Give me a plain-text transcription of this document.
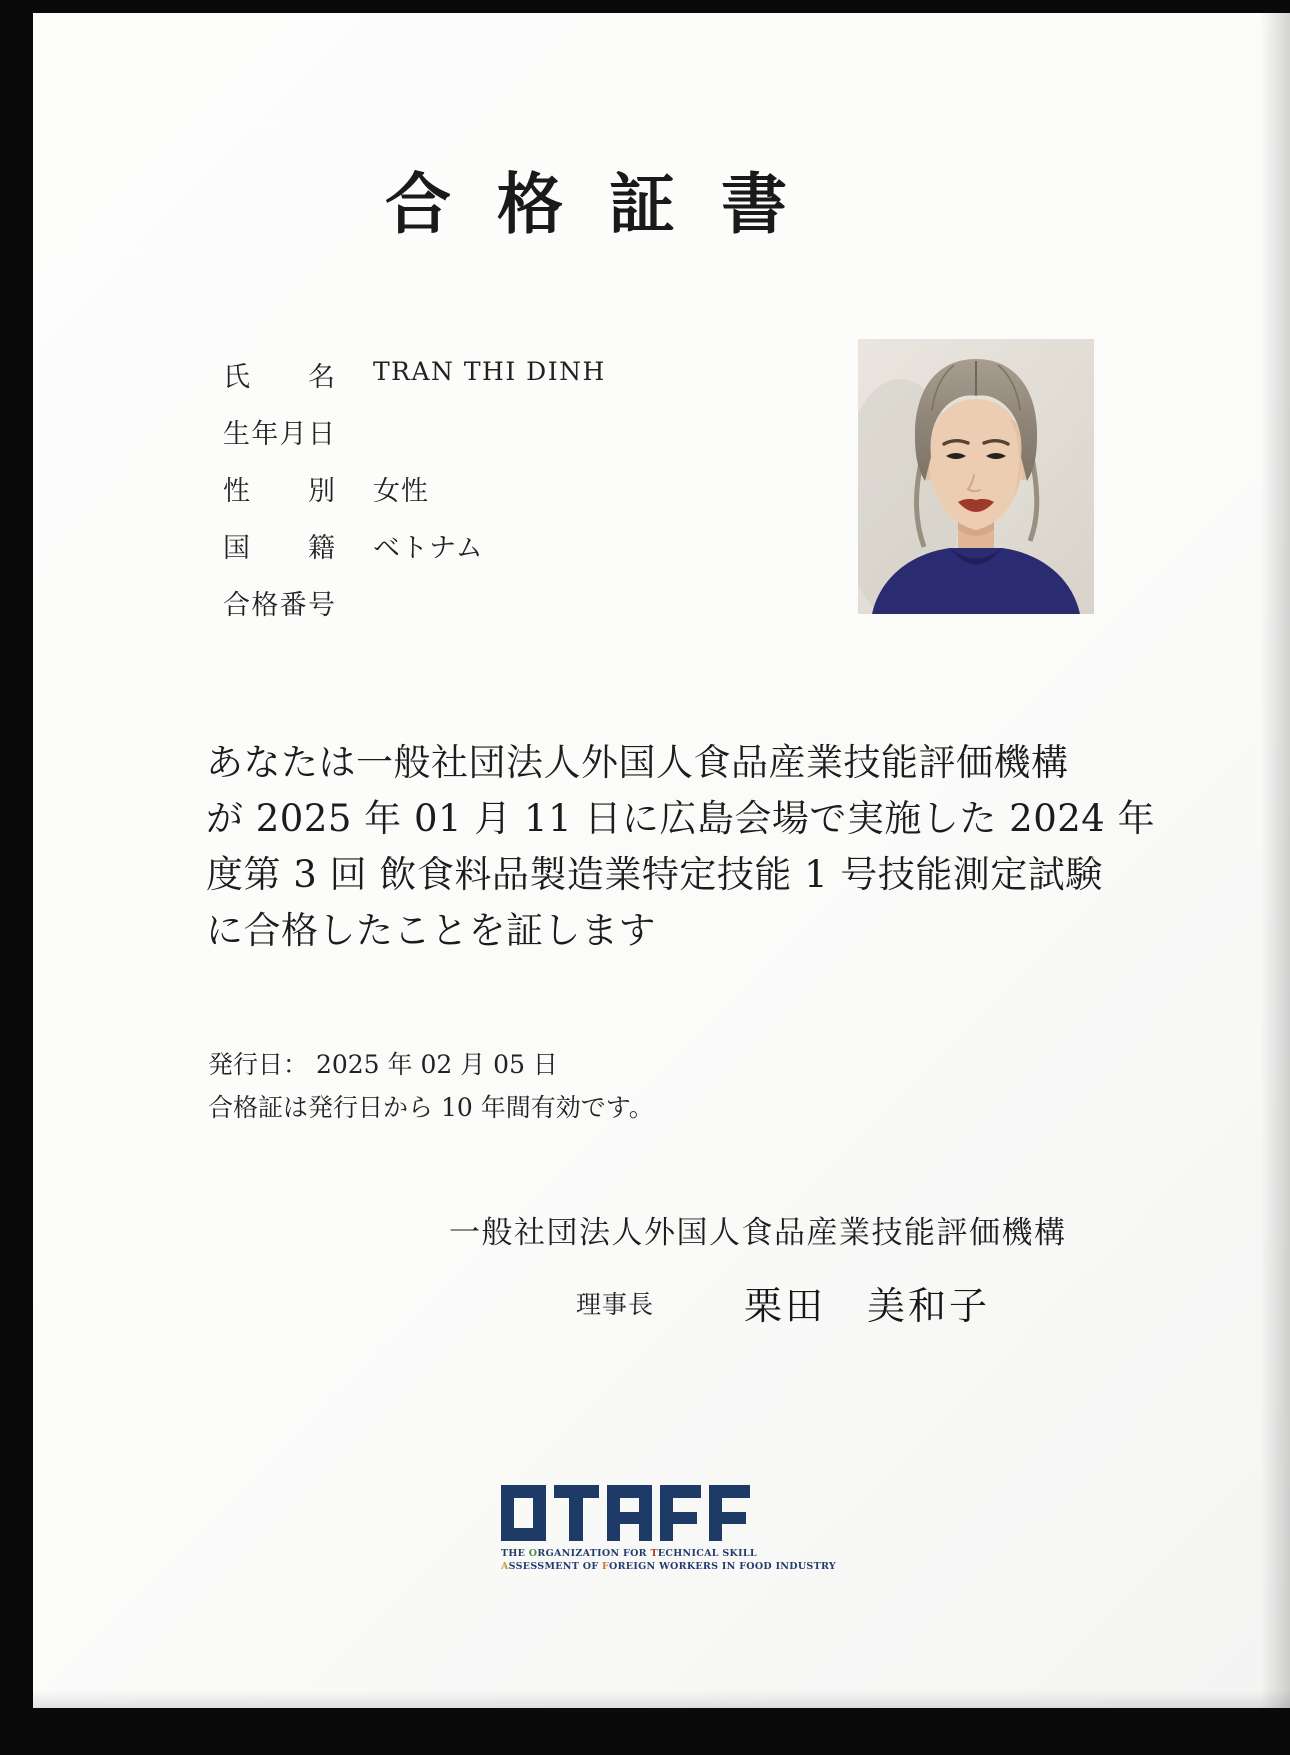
合格証書
氏名 TRAN THI DINH
生年月日
性別 女性
国籍 ベトナム
合格番号
あなたは一般社団法人外国人食品産業技能評価機構
が 2025 年 01 月 11 日に広島会場で実施した 2024 年
度第 3 回 飲食料品製造業特定技能 1 号技能測定試験
に合格したことを証します
発行日： 2025 年 02 月 05 日
合格証は発行日から 10 年間有効です。
一般社団法人外国人食品産業技能評価機構
理事長 栗田　美和子
THE ORGANIZATION FOR TECHNICAL SKILL
ASSESSMENT OF FOREIGN WORKERS IN FOOD INDUSTRY
